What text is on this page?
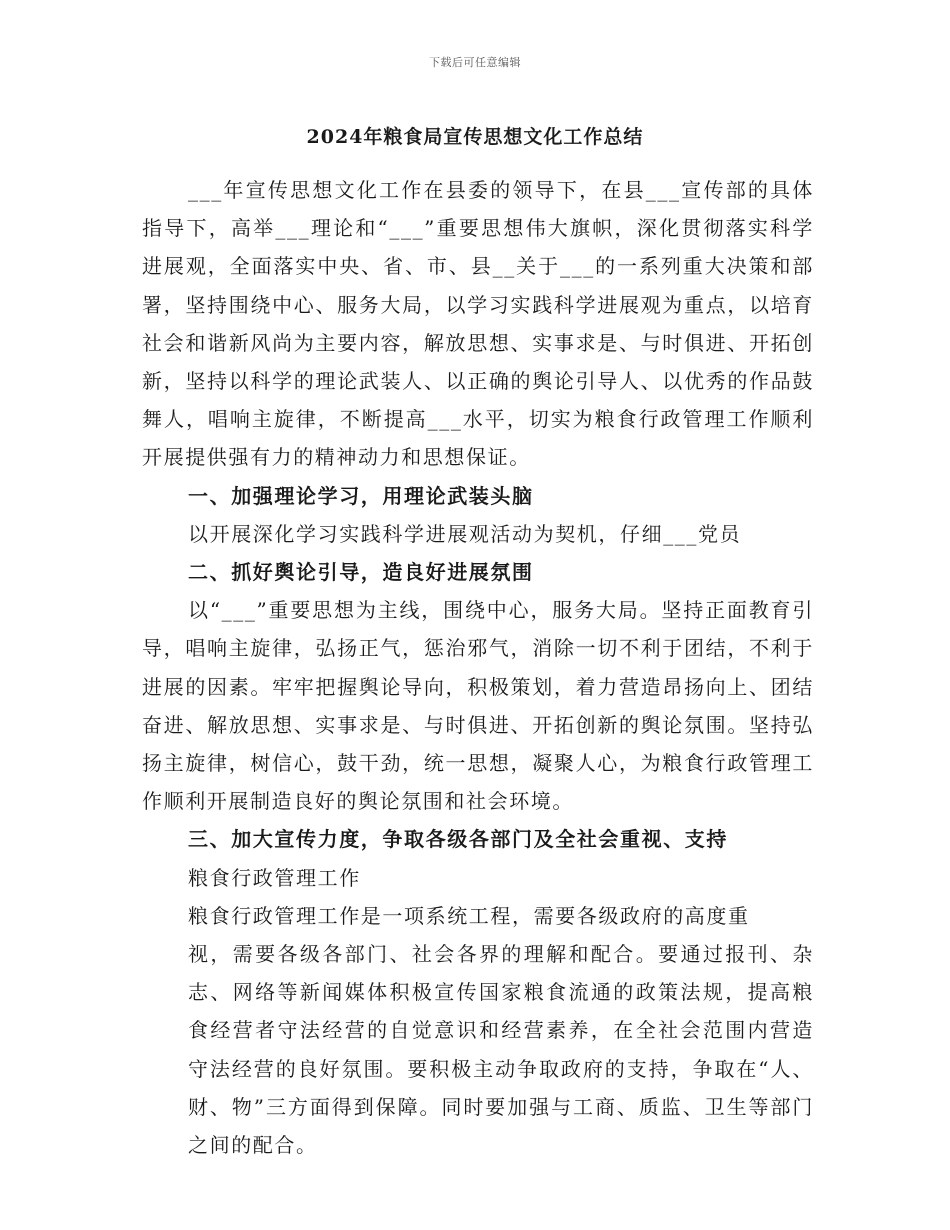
下载后可任意编辑
2024年粮食局宣传思想文化工作总结

___年宣传思想文化工作在县委的领导下，在县___宣传部的具体指导下，高举___理论和“___”重要思想伟大旗帜，深化贯彻落实科学进展观，全面落实中央、省、市、县__关于___的一系列重大决策和部署，坚持围绕中心、服务大局，以学习实践科学进展观为重点，以培育社会和谐新风尚为主要内容，解放思想、实事求是、与时俱进、开拓创新，坚持以科学的理论武装人、以正确的舆论引导人、以优秀的作品鼓舞人，唱响主旋律，不断提高___水平，切实为粮食行政管理工作顺利开展提供强有力的精神动力和思想保证。

一、加强理论学习，用理论武装头脑

以开展深化学习实践科学进展观活动为契机，仔细___党员

二、抓好舆论引导，造良好进展氛围

以“___”重要思想为主线，围绕中心，服务大局。坚持正面教育引导，唱响主旋律，弘扬正气，惩治邪气，消除一切不利于团结，不利于进展的因素。牢牢把握舆论导向，积极策划，着力营造昂扬向上、团结奋进、解放思想、实事求是、与时俱进、开拓创新的舆论氛围。坚持弘扬主旋律，树信心，鼓干劲，统一思想，凝聚人心，为粮食行政管理工作顺利开展制造良好的舆论氛围和社会环境。

三、加大宣传力度，争取各级各部门及全社会重视、支持

粮食行政管理工作

粮食行政管理工作是一项系统工程，需要各级政府的高度重

视，需要各级各部门、社会各界的理解和配合。要通过报刊、杂志、网络等新闻媒体积极宣传国家粮食流通的政策法规，提高粮食经营者守法经营的自觉意识和经营素养，在全社会范围内营造守法经营的良好氛围。要积极主动争取政府的支持，争取在“人、财、物”三方面得到保障。同时要加强与工商、质监、卫生等部门之间的配合。
